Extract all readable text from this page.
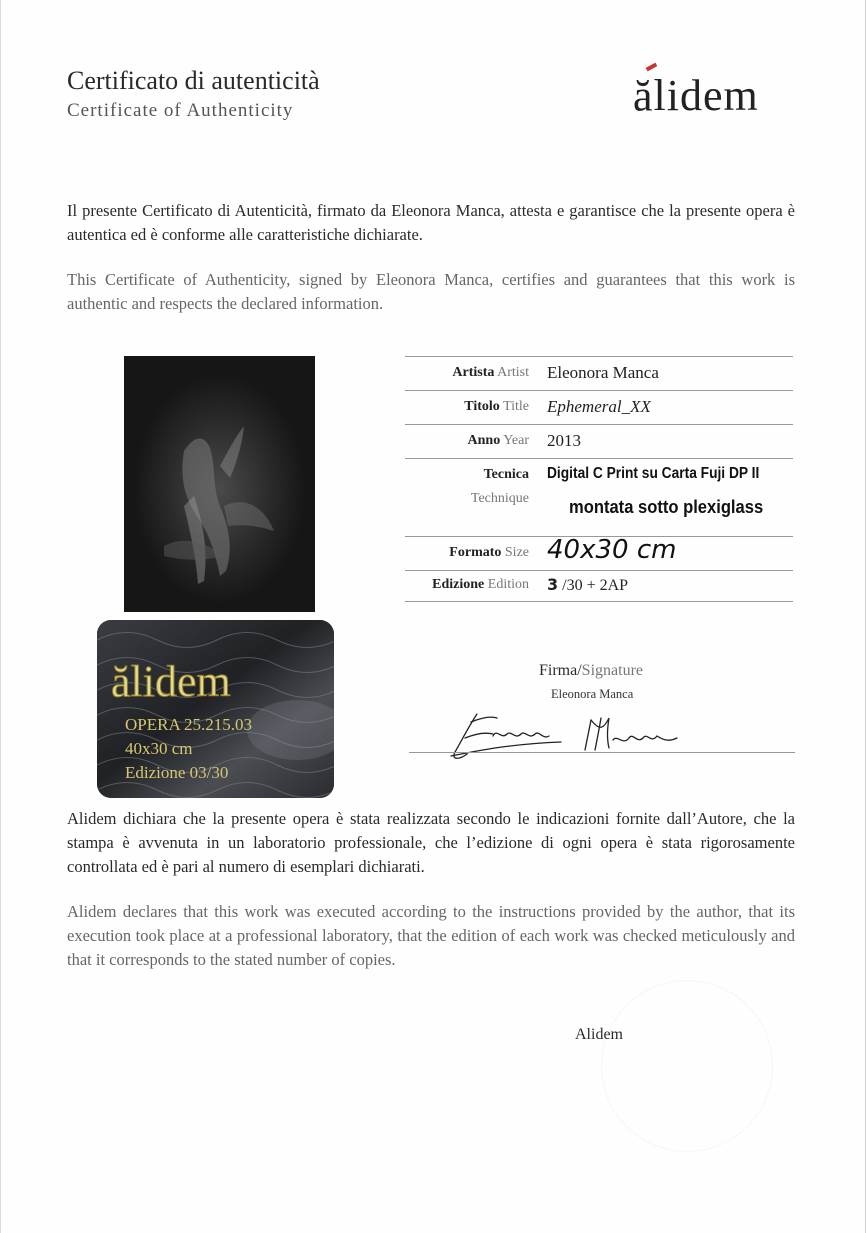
Certificato di autenticità
Certificate of Authenticity	ălidem
Il presente Certificato di Autenticità, firmato da Eleonora Manca, attesta e garantisce che la presente opera è autentica ed è conforme alle caratteristiche dichiarate.
This Certificate of Authenticity, signed by Eleonora Manca, certifies and guarantees that this work is authentic and respects the declared information.
ălidem
OPERA 25.215.03
40x30 cm
Edizione 03/30
Artista Artist Eleonora Manca
Titolo Title Ephemeral_XX
Anno Year 2013
Tecnica
Technique
Digital C Print su Carta Fuji DP II
montata sotto plexiglass
Formato Size 40x30 cm
Edizione Edition 3 /30 + 2AP
Firma/Signature
Eleonora Manca
Eleonora Manca
Alidem dichiara che la presente opera è stata realizzata secondo le indicazioni fornite dall’Autore, che la stampa è avvenuta in un laboratorio professionale, che l’edizione di ogni opera è stata rigorosamente controllata ed è pari al numero di esemplari dichiarati.
Alidem declares that this work was executed according to the instructions provided by the author, that its execution took place at a professional laboratory, that the edition of each work was checked meticulously and that it corresponds to the stated number of copies.
Alidem
